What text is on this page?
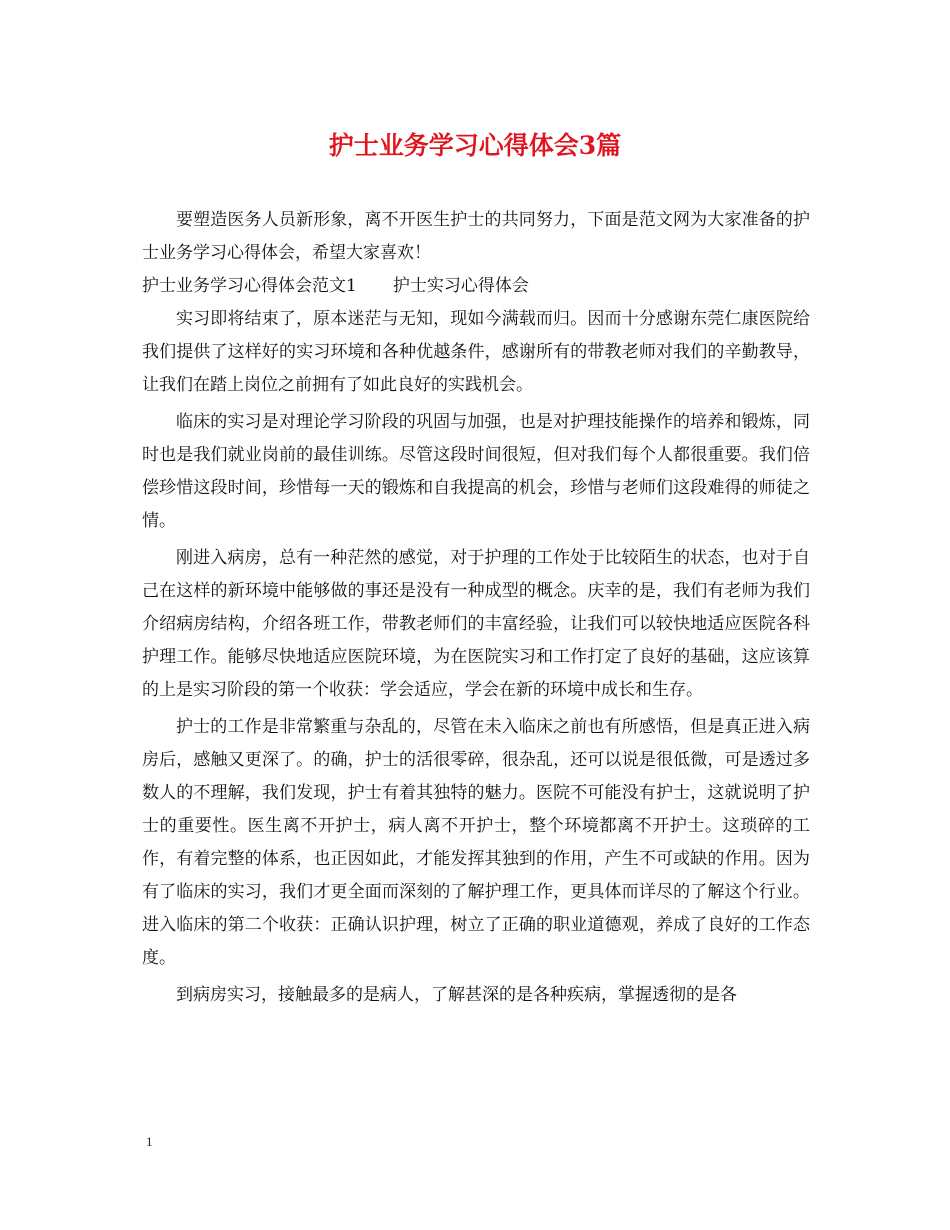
护士业务学习心得体会3篇

要塑造医务人员新形象，离不开医生护士的共同努力，下面是范文网为大家准备的护士业务学习心得体会，希望大家喜欢！

护士业务学习心得体会范文1 护士实习心得体会

实习即将结束了，原本迷茫与无知，现如今满载而归。因而十分感谢东莞仁康医院给我们提供了这样好的实习环境和各种优越条件，感谢所有的带教老师对我们的辛勤教导，让我们在踏上岗位之前拥有了如此良好的实践机会。

临床的实习是对理论学习阶段的巩固与加强，也是对护理技能操作的培养和锻炼，同时也是我们就业岗前的最佳训练。尽管这段时间很短，但对我们每个人都很重要。我们倍偿珍惜这段时间，珍惜每一天的锻炼和自我提高的机会，珍惜与老师们这段难得的师徒之情。

刚进入病房，总有一种茫然的感觉，对于护理的工作处于比较陌生的状态，也对于自己在这样的新环境中能够做的事还是没有一种成型的概念。庆幸的是，我们有老师为我们介绍病房结构，介绍各班工作，带教老师们的丰富经验，让我们可以较快地适应医院各科护理工作。能够尽快地适应医院环境，为在医院实习和工作打定了良好的基础，这应该算的上是实习阶段的第一个收获：学会适应，学会在新的环境中成长和生存。

护士的工作是非常繁重与杂乱的，尽管在未入临床之前也有所感悟，但是真正进入病房后，感触又更深了。的确，护士的活很零碎，很杂乱，还可以说是很低微，可是透过多数人的不理解，我们发现，护士有着其独特的魅力。医院不可能没有护士，这就说明了护士的重要性。医生离不开护士，病人离不开护士，整个环境都离不开护士。这琐碎的工作，有着完整的体系，也正因如此，才能发挥其独到的作用，产生不可或缺的作用。因为有了临床的实习，我们才更全面而深刻的了解护理工作，更具体而详尽的了解这个行业。进入临床的第二个收获：正确认识护理，树立了正确的职业道德观，养成了良好的工作态度。

到病房实习，接触最多的是病人，了解甚深的是各种疾病，掌握透彻的是各

1
